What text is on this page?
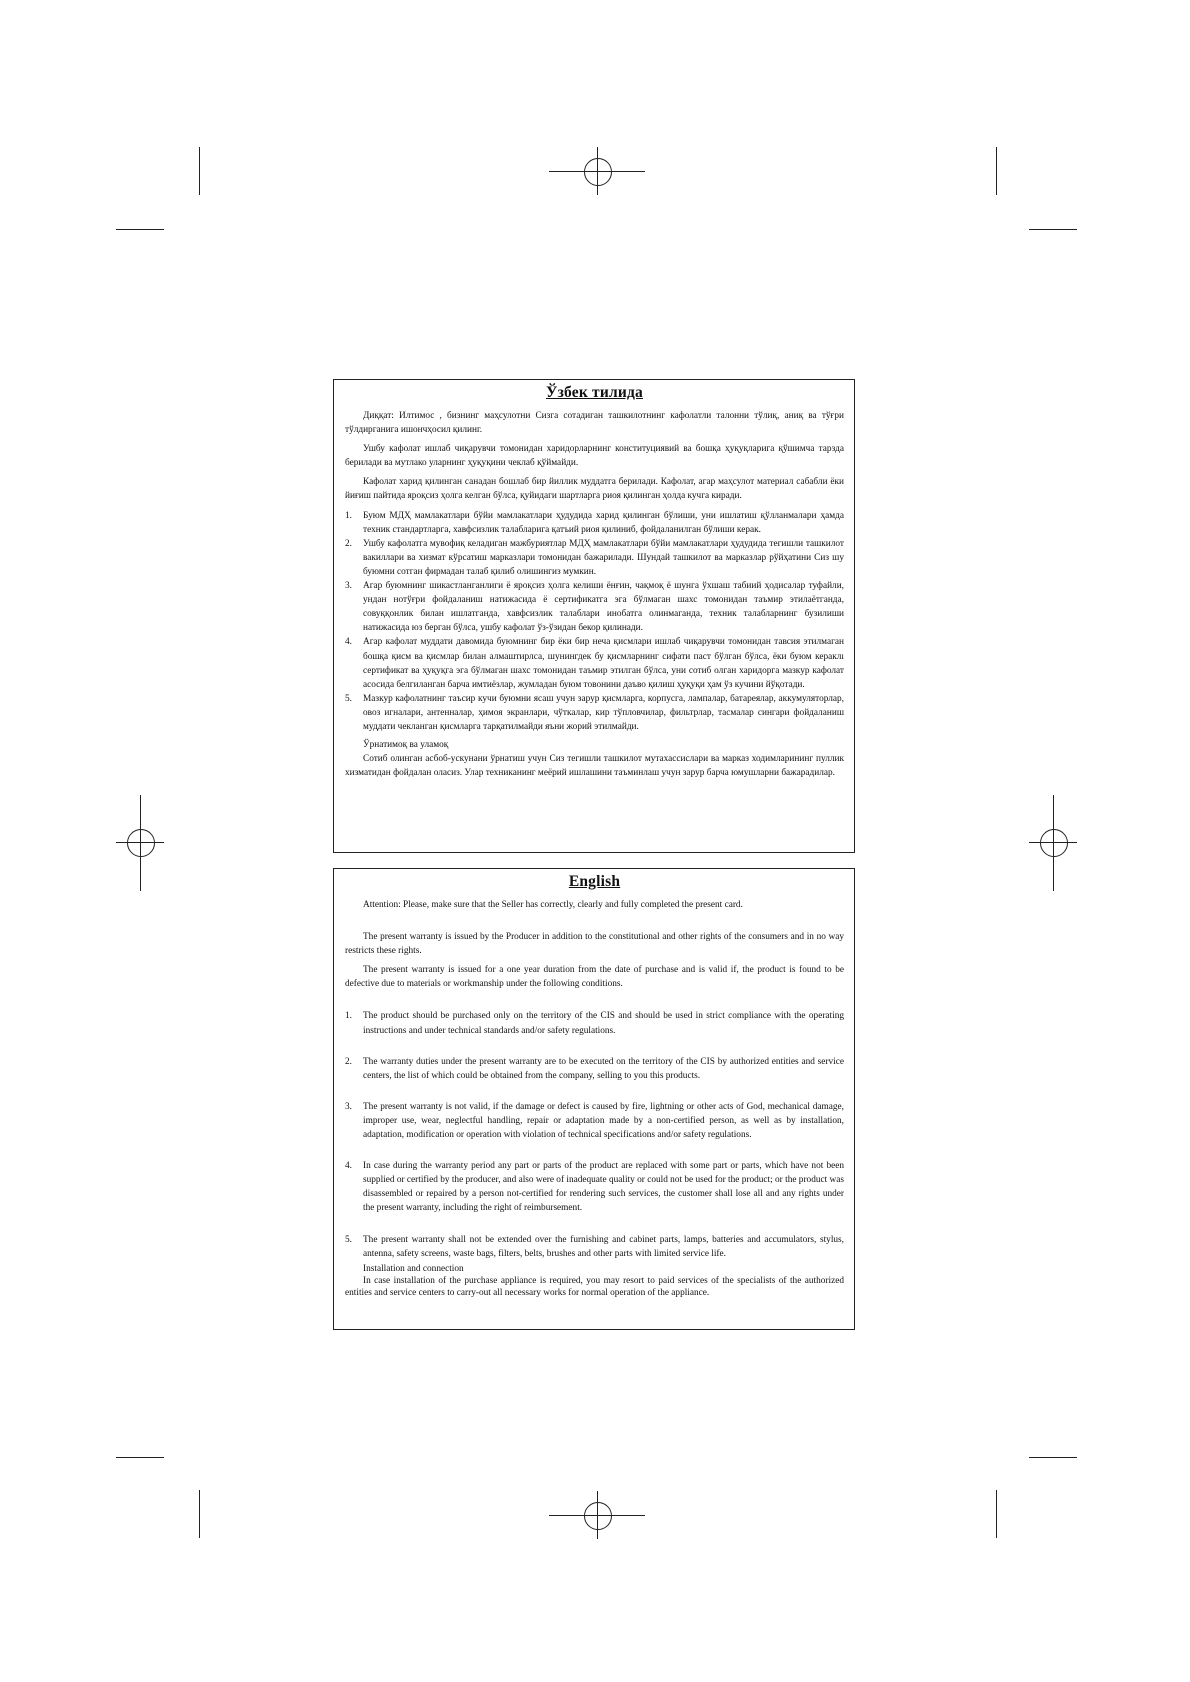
Ўзбек тилида

Диққат: Илтимос , бизнинг маҳсулотни Сизга сотадиган ташкилотнинг кафолатли талонни тўлиқ, аниқ ва тўғри тўлдирганига ишончҳосил қилинг.

Ушбу кафолат ишлаб чиқарувчи томонидан харидорларнинг конституциявий ва бошқа ҳуқуқларига қўшимча тарзда берилади ва мутлако уларнинг ҳуқуқини чеклаб қўймайди.

Кафолат харид қилинган санадан бошлаб бир йиллик муддатга берилади. Кафолат, агар маҳсулот материал сабабли ёки йиғиш пайтида яроқсиз ҳолга келган бўлса, қуйидаги шартларга риоя қилинган ҳолда кучга киради.

1. Буюм МДҲ мамлакатлари бўйи мамлакатлари ҳудудида харид қилинган бўлиши, уни ишлатиш қўлланмалари ҳамда техник стандартларга, хавфсизлик талабларига қатъий риоя қилиниб, фойдаланилган бўлиши керак.
2. Ушбу кафолатга мувофиқ келадиган мажбуриятлар МДҲ мамлакатлари бўйи мамлакатлари ҳудудида тегишли ташкилот вакиллари ва хизмат кўрсатиш марказлари томонидан бажарилади. Шундай ташкилот ва марказлар рўйҳатини Сиз шу буюмни сотган фирмадан талаб қилиб олишингиз мумкин.
3. Агар буюмнинг шикастланганлиги ё яроқсиз ҳолга келиши ёнғин, чақмоқ ё шунга ўхшаш табиий ҳодисалар туфайли, ундан нотўғри фойдаланиш натижасида ё сертификатга эга бўлмаган шахс томонидан таъмир этилаётганда, совуққонлик билан ишлатганда, хавфсизлик талаблари инобатга олинмаганда, техник талабларнинг бузилиши натижасида юз берган бўлса, ушбу кафолат ўз-ўзидан бекор қилинади.
4. Агар кафолат муддати давомида буюмнинг бир ёки бир неча қисмлари ишлаб чиқарувчи томонидан тавсия этилмаган бошқа қисм ва қисмлар билан алмаштирлса, шунингдек бу қисмларнинг сифати паст бўлган бўлса, ёки буюм кераклı сертификат ва ҳуқуқга эга бўлмаган шахс томонидан таъмир этилган бўлса, уни сотиб олган харидорга мазкур кафолат асосида белгиланган барча имтиёзлар, жумладан буюм товонини даъво қилиш ҳуқуқи ҳам ўз кучини йўқотади.
5. Мазкур кафолатнинг таъсир кучи буюмни ясаш учун зарур қисмларга, корпусга, лампалар, батареялар, аккумуляторлар, овоз игналари, антенналар, ҳимоя экранлари, чўткалар, кир тўпловчилар, фильтрлар, тасмалар сингари фойдаланиш муддати чекланган қисмларга тарқатилмайди яъни жорий этилмайди.
Ўрнатимоқ ва уламоқ

Сотиб олинган асбоб-ускунани ўрнатиш учун Сиз тегишли ташкилот мутахассислари ва марказ ходимларининг пуллик хизматидан фойдалан оласиз. Улар техниканинг меёрий ишлашини таъминлаш учун зарур барча юмушларни бажарадилар.

English

Attention: Please, make sure that the Seller has correctly, clearly and fully completed the present card.

The present warranty is issued by the Producer in addition to the constitutional and other rights of the consumers and in no way restricts these rights.

The present warranty is issued for a one year duration from the date of purchase and is valid if, the product is found to be defective due to materials or workmanship under the following conditions.

1. The product should be purchased only on the territory of the CIS and should be used in strict compliance with the operating instructions and under technical standards and/or safety regulations.
2. The warranty duties under the present warranty are to be executed on the territory of the CIS by authorized entities and service centers, the list of which could be obtained from the company, selling to you this products.
3. The present warranty is not valid, if the damage or defect is caused by fire, lightning or other acts of God, mechanical damage, improper use, wear, neglectful handling, repair or adaptation made by a non-certified person, as well as by installation, adaptation, modification or operation with violation of technical specifications and/or safety regulations.
4. In case during the warranty period any part or parts of the product are replaced with some part or parts, which have not been supplied or certified by the producer, and also were of inadequate quality or could not be used for the product; or the product was disassembled or repaired by a person not-certified for rendering such services, the customer shall lose all and any rights under the present warranty, including the right of reimbursement.
5. The present warranty shall not be extended over the furnishing and cabinet parts, lamps, batteries and accumulators, stylus, antenna, safety screens, waste bags, filters, belts, brushes and other parts with limited service life.
Installation and connection

In case installation of the purchase appliance is required, you may resort to paid services of the specialists of the authorized entities and service centers to carry-out all necessary works for normal operation of the appliance.
